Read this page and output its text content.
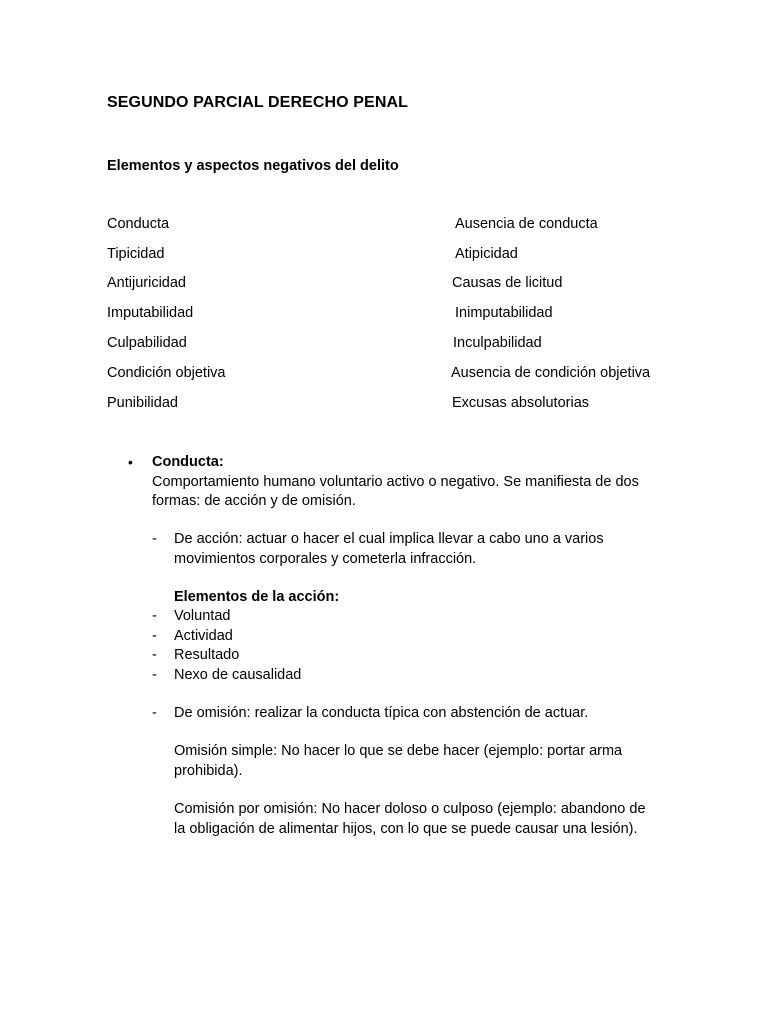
SEGUNDO PARCIAL DERECHO PENAL
Elementos y aspectos negativos del delito
Conducta	Ausencia de conducta
Tipicidad	Atipicidad
Antijuricidad	Causas de licitud
Imputabilidad	Inimputabilidad
Culpabilidad	Inculpabilidad
Condición objetiva	Ausencia de condición objetiva
Punibilidad	Excusas absolutorias
• Conducta:
Comportamiento humano voluntario activo o negativo. Se manifiesta de dos formas: de acción y de omisión.
- De acción: actuar o hacer el cual implica llevar a cabo uno a varios movimientos corporales y cometerla infracción.
Elementos de la acción:
- Voluntad
- Actividad
- Resultado
- Nexo de causalidad
- De omisión: realizar la conducta típica con abstención de actuar.
Omisión simple: No hacer lo que se debe hacer (ejemplo: portar arma prohibida).
Comisión por omisión: No hacer doloso o culposo (ejemplo: abandono de la obligación de alimentar hijos, con lo que se puede causar una lesión).
